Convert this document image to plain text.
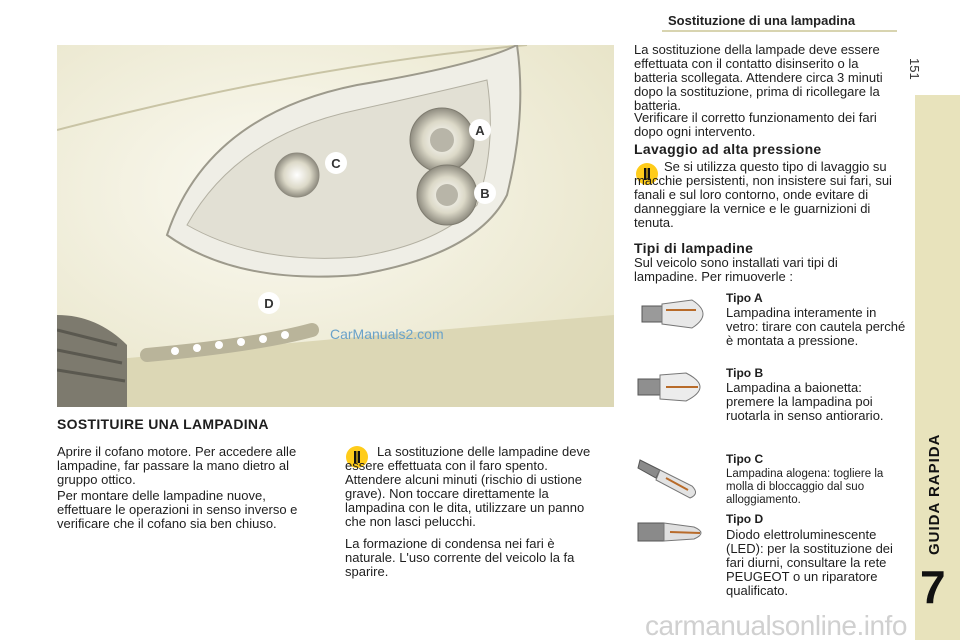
Sostituzione di una lampadina
151
GUIDA RAPIDA
7
A
B
C
D
CarManuals2.com
SOSTITUIRE UNA LAMPADINA

Aprire il cofano motore. Per accedere alle lampadine, far passare la mano dietro al gruppo ottico.

Per montare delle lampadine nuove, effettuare le operazioni in senso inverso e verificare che il cofano sia ben chiuso.

La sostituzione delle lampadine deve essere effettuata con il faro spento. Attendere alcuni minuti (rischio di ustione grave). Non toccare direttamente la lampadina con le dita, utilizzare un panno che non lasci pelucchi.

La formazione di condensa nei fari è naturale. L'uso corrente del veicolo la fa sparire.

La sostituzione della lampade deve essere effettuata con il contatto disinserito o la batteria scollegata. Attendere circa 3 minuti dopo la sostituzione, prima di ricollegare la batteria.

Verificare il corretto funzionamento dei fari dopo ogni intervento.

Lavaggio ad alta pressione

Se si utilizza questo tipo di lavaggio su macchie persistenti, non insistere sui fari, sui fanali e sul loro contorno, onde evitare di danneggiare la vernice e le guarnizioni di tenuta.

Tipi di lampadine

Sul veicolo sono installati vari tipi di lampadine. Per rimuoverle :

Tipo A

Lampadina interamente in vetro: tirare con cautela perché è montata a pressione.

Tipo B

Lampadina a baionetta: premere la lampadina poi ruotarla in senso antiorario.

Tipo C

Lampadina alogena: togliere la molla di bloccaggio dal suo alloggiamento.

Tipo D

Diodo elettroluminescente (LED): per la sostituzione dei fari diurni, consultare la rete PEUGEOT o un riparatore qualificato.

carmanualsonline.info
